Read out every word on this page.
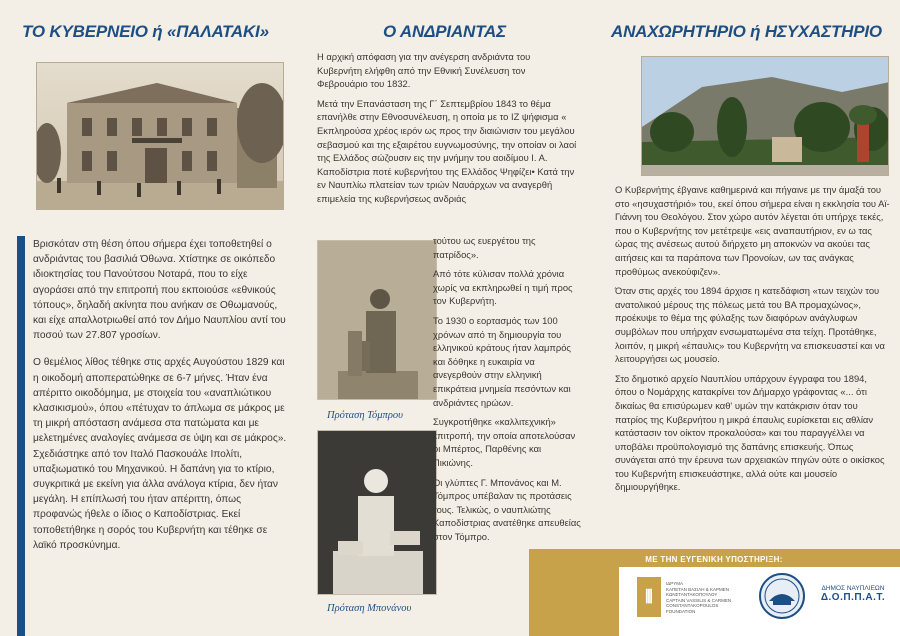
ΤΟ ΚΥΒΕΡΝΕΙΟ ή «ΠΑΛΑΤΑΚΙ»

Βρισκόταν στη θέση όπου σήμερα έχει τοποθετηθεί ο ανδριάντας του βασιλιά Όθωνα. Χτίστηκε σε οικόπεδο ιδιοκτησίας του Πανούτσου Νοταρά, που το είχε αγοράσει από την επιτροπή που εκποιούσε «εθνικούς τόπους», δηλαδή ακίνητα που ανήκαν σε Οθωμανούς, και είχε απαλλοτριωθεί από τον Δήμο Ναυπλίου αντί του ποσού των 27.807 γροσίων.

Ο θεμέλιος λίθος τέθηκε στις αρχές Αυγούστου 1829 και η οικοδομή αποπερατώθηκε σε 6-7 μήνες. Ήταν ένα απέριττο οικοδόμημα, με στοιχεία του «αναπλιώτικου κλασικισμού», όπου «πέτυχαν το άπλωμα σε μάκρος με τη μικρή απόσταση ανάμεσα στα πατώματα και με μελετημένες αναλογίες ανάμεσα σε ύψη και σε μάκρος». Σχεδιάστηκε από τον Ιταλό Πασκουάλε Ιπολίτι, υπαξιωματικό του Μηχανικού. Η δαπάνη για το κτίριο, συγκριτικά με εκείνη για άλλα ανάλογα κτίρια, δεν ήταν μεγάλη. Η επίπλωσή του ήταν απέριττη, όπως προφανώς ήθελε ο ίδιος ο Καποδίστριας. Εκεί τοποθετήθηκε η σορός του Κυβερνήτη και τέθηκε σε λαϊκό προσκύνημα.

Ο ΑΝΔΡΙΑΝΤΑΣ

Η αρχική απόφαση για την ανέγερση ανδριάντα του Κυβερνήτη ελήφθη από την Εθνική Συνέλευση τον Φεβρουάριο του 1832.

Μετά την Επανάσταση της Γ΄ Σεπτεμβρίου 1843 το θέμα επανήλθε στην Εθνοσυνέλευση, η οποία με το ΙΖ ψήφισμα « Εκπληρούσα χρέος ιερόν ως προς την διαιώνισιν του μεγάλου σεβασμού και της εξαιρέτου ευγνωμοσύνης, την οποίαν οι λαοί της Ελλάδος σώζουσιν εις την μνήμην του αοιδίμου Ι. Α. Καποδίστρια ποτέ κυβερνήτου της Ελλάδος Ψηφίζει• Κατά την εν Ναυπλίω πλατείαν των τριών Ναυάρχων να αναγερθή επιμελεία της κυβερνήσεως ανδριάς

Πρόταση Τόμπρου
Πρόταση Μπονάνου

τούτου ως ευεργέτου της πατρίδος».

Από τότε κύλισαν πολλά χρόνια χωρίς να εκπληρωθεί η τιμή προς τον Κυβερνήτη.

Το 1930 ο εορτασμός των 100 χρόνων από τη δημιουργία του ελληνικού κράτους ήταν λαμπρός και δόθηκε η ευκαιρία να ανεγερθούν στην ελληνική επικράτεια μνημεία πεσόντων και ανδριάντες ηρώων.

Συγκροτήθηκε «καλλιτεχνική» επιτροπή, την οποία αποτελούσαν οι Μπέρτος, Παρθένης και Πικιώνης.

Οι γλύπτες Γ. Μπονάνος και Μ. Τόμπρος υπέβαλαν τις προτάσεις τους. Τελικώς, ο ναυπλιώτης Καποδίστριας ανατέθηκε απευθείας στον Τόμπρο.

ΑΝΑΧΩΡΗΤΗΡΙΟ ή ΗΣΥΧΑΣΤΗΡΙΟ

Ο Κυβερνήτης έβγαινε καθημερινά και πήγαινε με την άμαξά του στο «ησυχαστήριό» του, εκεί όπου σήμερα είναι η εκκλησία του Αϊ-Γιάννη του Θεολόγου. Στον χώρο αυτόν λέγεται ότι υπήρχε τεκές, που ο Κυβερνήτης τον μετέτρεψε «εις αναπαυτήριον, εν ω τας ώρας της ανέσεως αυτού διήρχετο μη αποκνών να ακούει τας αιτήσεις και τα παράπονα των Προνοίων, ων τας ανάγκας προθύμως ανεκούφιζεν».

Όταν στις αρχές του 1894 άρχισε η κατεδάφιση «των τειχών του ανατολικού μέρους της πόλεως μετά του ΒΑ προμαχώνος», προέκυψε το θέμα της φύλαξης των διαφόρων ανάγλυφων συμβόλων που υπήρχαν ενσωματωμένα στα τείχη. Προτάθηκε, λοιπόν, η μικρή «έπαυλις» του Κυβερνήτη να επισκευαστεί και να λειτουργήσει ως μουσείο.

Στο δημοτικό αρχείο Ναυπλίου υπάρχουν έγγραφα του 1894, όπου ο Νομάρχης κατακρίνει τον Δήμαρχο γράφοντας «... ότι δικαίως θα επισύρωμεν καθ' υμών την κατάκρισιν όταν του πατρίος της Κυβερνήτου η μικρά έπαυλις ευρίσκεται εις αθλίαν κατάστασιν τον οίκτον προκαλούσα» και του παραγγέλλει να υποβάλει προϋπολογισμό της δαπάνης επισκευής. Όπως συνάγεται από την έρευνα των αρχειακών πηγών ούτε ο οικίσκος του Κυβερνήτη επισκευάστηκε, αλλά ούτε και μουσείο δημιουργήθηκε.

ΜΕ ΤΗΝ ΕΥΓΕΝΙΚΗ ΥΠΟΣΤΗΡΙΞΗ:
⦀
ΙΔΡΥΜΑ
ΚΑΠΕΤΑΝ ΒΑΣΙΛΗ & ΚΑΡΜΕΝ
ΚΩΝΣΤΑΝΤΑΚΟΠΟΥΛΟΥ
CAPTAIN VASSILIS & CARMEN
CONSTANTAKOPOULOS
FOUNDATION
ΔΗΜΟΣ ΝΑΥΠΛΙΕΩΝ
Δ.Ο.Π.Π.Α.Τ.
